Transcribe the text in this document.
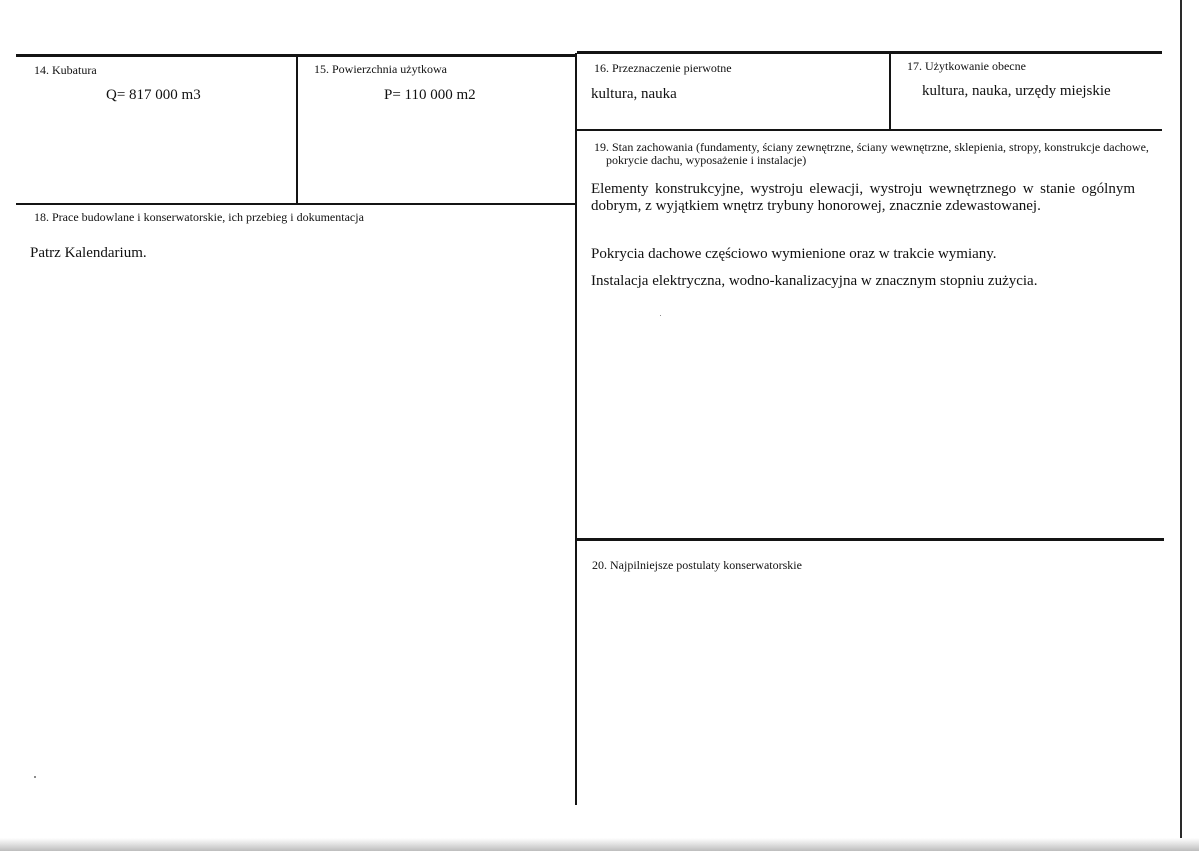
14. Kubatura
Q= 817 000 m3
15. Powierzchnia użytkowa
P= 110 000 m2
16. Przeznaczenie pierwotne
kultura, nauka
17. Użytkowanie obecne
kultura, nauka, urzędy miejskie
18. Prace budowlane i konserwatorskie, ich przebieg i dokumentacja
Patrz Kalendarium.
19. Stan zachowania (fundamenty, ściany zewnętrzne, ściany wewnętrzne, sklepienia, stropy, konstrukcje dachowe, pokrycie dachu, wyposażenie i instalacje)
Elementy konstrukcyjne, wystroju elewacji, wystroju wewnętrznego w stanie ogólnym dobrym, z wyjątkiem wnętrz trybuny honorowej, znacznie zdewastowanej.
Pokrycia dachowe częściowo wymienione oraz w trakcie wymiany.
Instalacja elektryczna, wodno-kanalizacyjna w znacznym stopniu zużycia.
20. Najpilniejsze postulaty konserwatorskie
